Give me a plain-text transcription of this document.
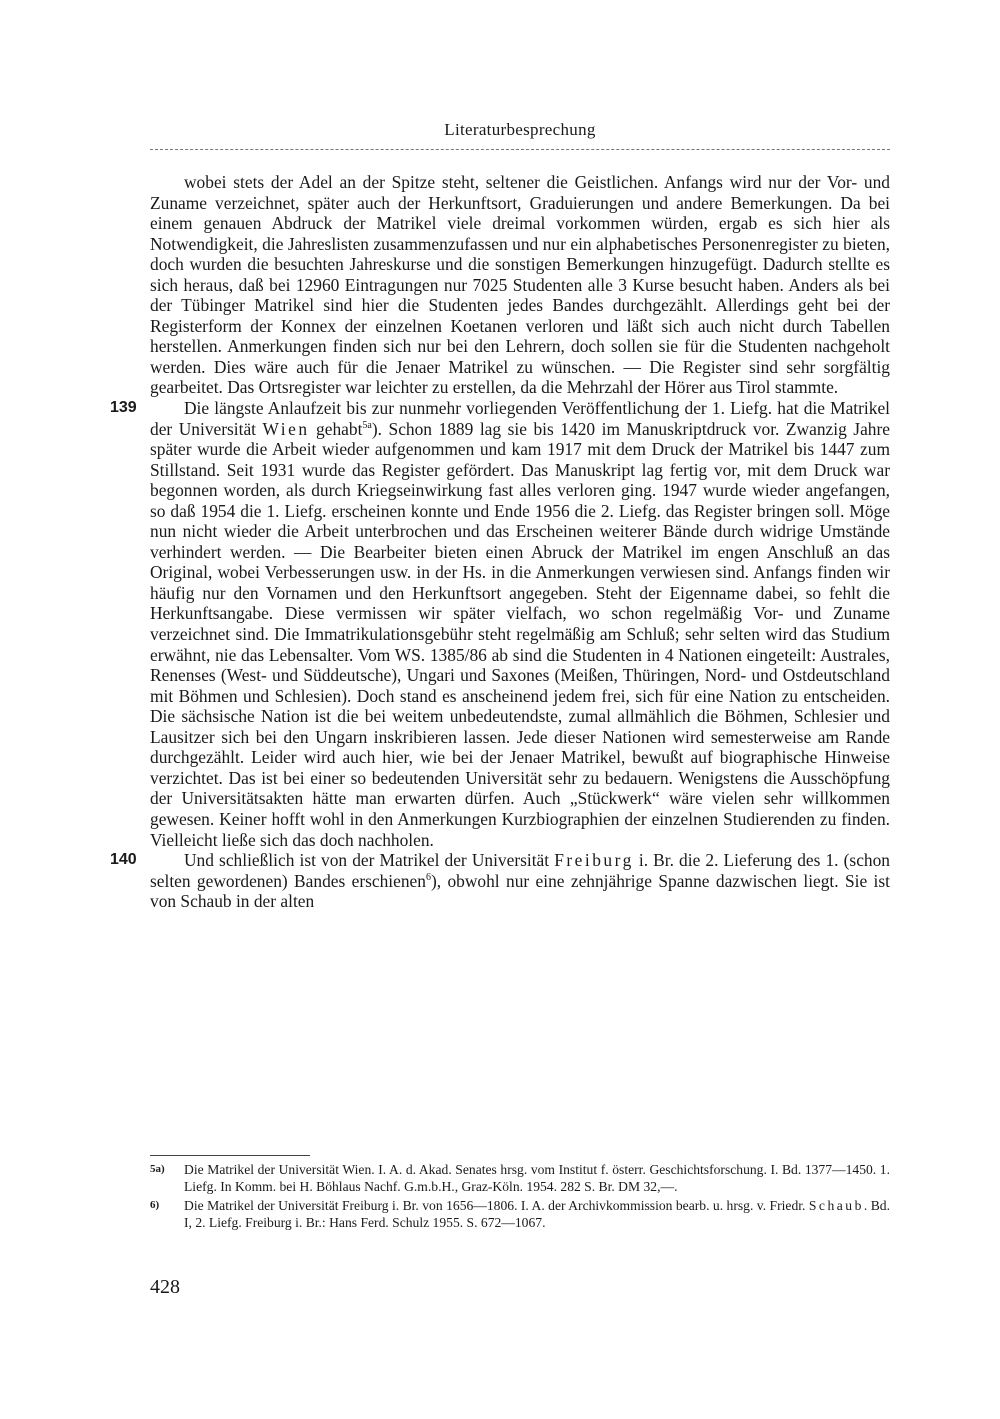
Literaturbesprechung

wobei stets der Adel an der Spitze steht, seltener die Geistlichen. Anfangs wird nur der Vor- und Zuname verzeichnet, später auch der Herkunftsort, Graduierungen und andere Bemerkungen. Da bei einem genauen Abdruck der Matrikel viele dreimal vorkommen würden, ergab es sich hier als Notwendigkeit, die Jahreslisten zusammenzufassen und nur ein alphabetisches Personenregister zu bieten, doch wurden die besuchten Jahreskurse und die sonstigen Bemerkungen hinzugefügt. Dadurch stellte es sich heraus, daß bei 12960 Eintragungen nur 7025 Studenten alle 3 Kurse besucht haben. Anders als bei der Tübinger Matrikel sind hier die Studenten jedes Bandes durchgezählt. Allerdings geht bei der Registerform der Konnex der einzelnen Koetanen verloren und läßt sich auch nicht durch Tabellen herstellen. Anmerkungen finden sich nur bei den Lehrern, doch sollen sie für die Studenten nachgeholt werden. Dies wäre auch für die Jenaer Matrikel zu wünschen. — Die Register sind sehr sorgfältig gearbeitet. Das Ortsregister war leichter zu erstellen, da die Mehrzahl der Hörer aus Tirol stammte.

139	Die längste Anlaufzeit bis zur nunmehr vorliegenden Veröffentlichung der 1. Liefg. hat die Matrikel der Universität Wien gehabt$^{5a}$). Schon 1889 lag sie bis 1420 im Manuskriptdruck vor. Zwanzig Jahre später wurde die Arbeit wieder aufgenommen und kam 1917 mit dem Druck der Matrikel bis 1447 zum Stillstand. Seit 1931 wurde das Register gefördert. Das Manuskript lag fertig vor, mit dem Druck war begonnen worden, als durch Kriegseinwirkung fast alles verloren ging. 1947 wurde wieder angefangen, so daß 1954 die 1. Liefg. erscheinen konnte und Ende 1956 die 2. Liefg. das Register bringen soll. Möge nun nicht wieder die Arbeit unterbrochen und das Erscheinen weiterer Bände durch widrige Umstände verhindert werden. — Die Bearbeiter bieten einen Abruck der Matrikel im engen Anschluß an das Original, wobei Verbesserungen usw. in der Hs. in die Anmerkungen verwiesen sind. Anfangs finden wir häufig nur den Vornamen und den Herkunftsort angegeben. Steht der Eigenname dabei, so fehlt die Herkunftsangabe. Diese vermissen wir später vielfach, wo schon regelmäßig Vor- und Zuname verzeichnet sind. Die Immatrikulationsgebühr steht regelmäßig am Schluß; sehr selten wird das Studium erwähnt, nie das Lebensalter. Vom WS. 1385/86 ab sind die Studenten in 4 Nationen eingeteilt: Australes, Renenses (West- und Süddeutsche), Ungari und Saxones (Meißen, Thüringen, Nord- und Ostdeutschland mit Böhmen und Schlesien). Doch stand es anscheinend jedem frei, sich für eine Nation zu entscheiden. Die sächsische Nation ist die bei weitem unbedeutendste, zumal allmählich die Böhmen, Schlesier und Lausitzer sich bei den Ungarn inskribieren lassen. Jede dieser Nationen wird semesterweise am Rande durchgezählt. Leider wird auch hier, wie bei der Jenaer Matrikel, bewußt auf biographische Hinweise verzichtet. Das ist bei einer so bedeutenden Universität sehr zu bedauern. Wenigstens die Ausschöpfung der Universitätsakten hätte man erwarten dürfen. Auch „Stückwerk“ wäre vielen sehr willkommen gewesen. Keiner hofft wohl in den Anmerkungen Kurzbiographien der einzelnen Studierenden zu finden. Vielleicht ließe sich das doch nachholen.

140	Und schließlich ist von der Matrikel der Universität Freiburg i. Br. die 2. Lieferung des 1. (schon selten gewordenen) Bandes erschienen$^6$), obwohl nur eine zehnjährige Spanne dazwischen liegt. Sie ist von Schaub in der alten

5a) Die Matrikel der Universität Wien. I. A. d. Akad. Senates hrsg. vom Institut f. österr. Geschichtsforschung. I. Bd. 1377—1450. 1. Liefg. In Komm. bei H. Böhlaus Nachf. G.m.b.H., Graz-Köln. 1954. 282 S. Br. DM 32,—.

6) Die Matrikel der Universität Freiburg i. Br. von 1656—1806. I. A. der Archivkommission bearb. u. hrsg. v. Friedr. Schaub. Bd. I, 2. Liefg. Freiburg i. Br.: Hans Ferd. Schulz 1955. S. 672—1067.

428
